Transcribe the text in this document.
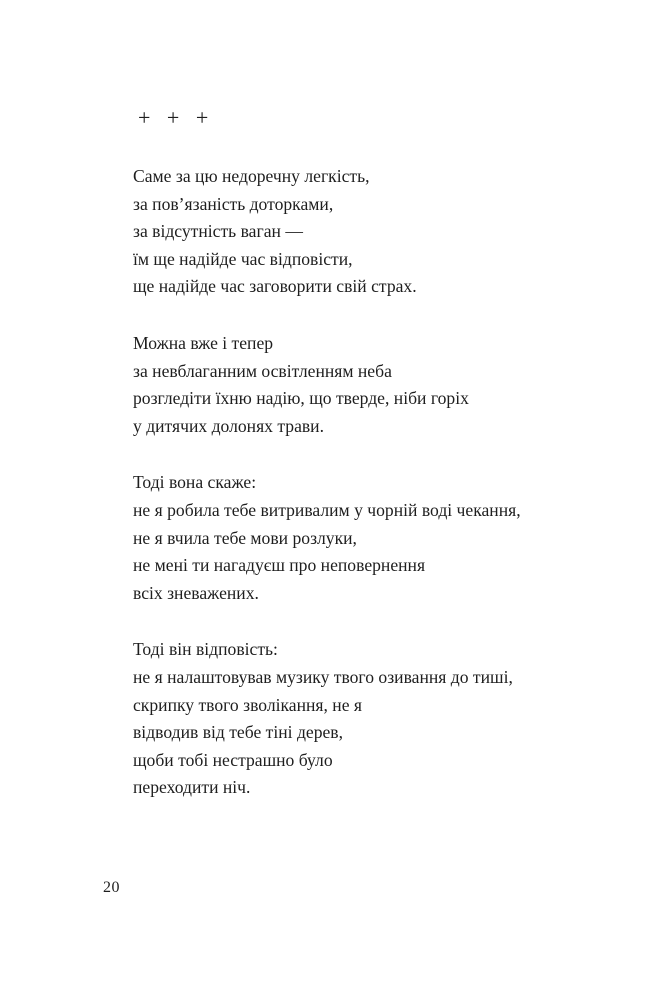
+   +   +
Саме за цю недоречну легкість,
за пов’язаність доторками,
за відсутність ваган —
їм ще надійде час відповісти,
ще надійде час заговорити свій страх.
Можна вже і тепер
за невблаганним освітленням неба
розгледіти їхню надію, що тверде, ніби горіх
у дитячих долонях трави.
Тоді вона скаже:
не я робила тебе витривалим у чорній воді чекання,
не я вчила тебе мови розлуки,
не мені ти нагадуєш про неповернення
всіх зневажених.
Тоді він відповість:
не я налаштовував музику твого озивання до тиші,
скрипку твого зволікання, не я
відводив від тебе тіні дерев,
щоби тобі нестрашно було
переходити ніч.
20
